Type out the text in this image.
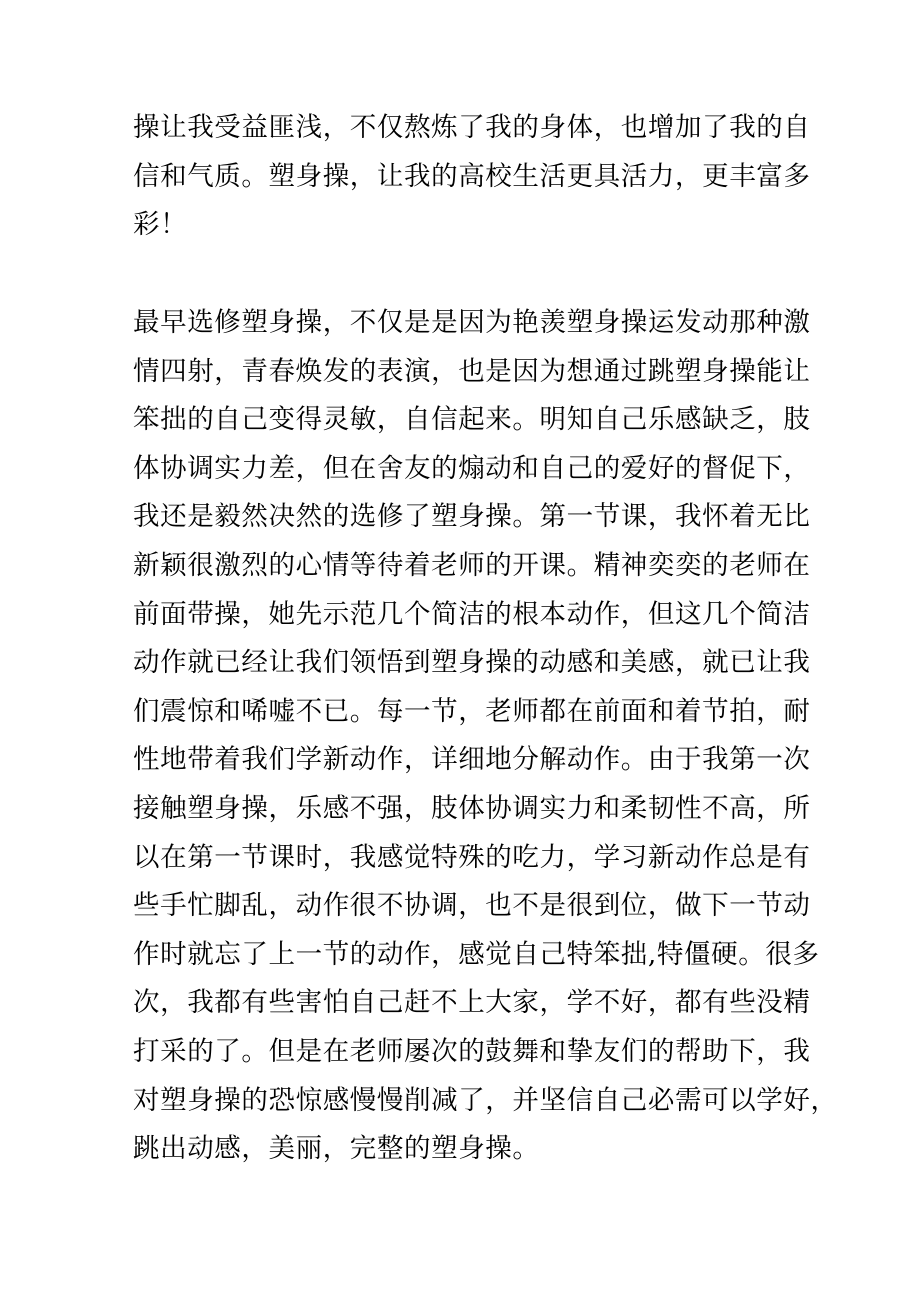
操让我受益匪浅，不仅熬炼了我的身体，也增加了我的自
信和气质。塑身操，让我的高校生活更具活力，更丰富多
彩！
最早选修塑身操，不仅是是因为艳羡塑身操运发动那种激
情四射，青春焕发的表演，也是因为想通过跳塑身操能让
笨拙的自己变得灵敏，自信起来。明知自己乐感缺乏，肢
体协调实力差，但在舍友的煽动和自己的爱好的督促下，
我还是毅然决然的选修了塑身操。第一节课，我怀着无比
新颖很激烈的心情等待着老师的开课。精神奕奕的老师在
前面带操，她先示范几个简洁的根本动作，但这几个简洁
动作就已经让我们领悟到塑身操的动感和美感，就已让我
们震惊和唏嘘不已。每一节，老师都在前面和着节拍，耐
性地带着我们学新动作，详细地分解动作。由于我第一次
接触塑身操，乐感不强，肢体协调实力和柔韧性不高，所
以在第一节课时，我感觉特殊的吃力，学习新动作总是有
些手忙脚乱，动作很不协调，也不是很到位，做下一节动
作时就忘了上一节的动作，感觉自己特笨拙,特僵硬。很多
次，我都有些害怕自己赶不上大家，学不好，都有些没精
打采的了。但是在老师屡次的鼓舞和挚友们的帮助下，我
对塑身操的恐惊感慢慢削减了，并坚信自己必需可以学好，
跳出动感，美丽，完整的塑身操。
